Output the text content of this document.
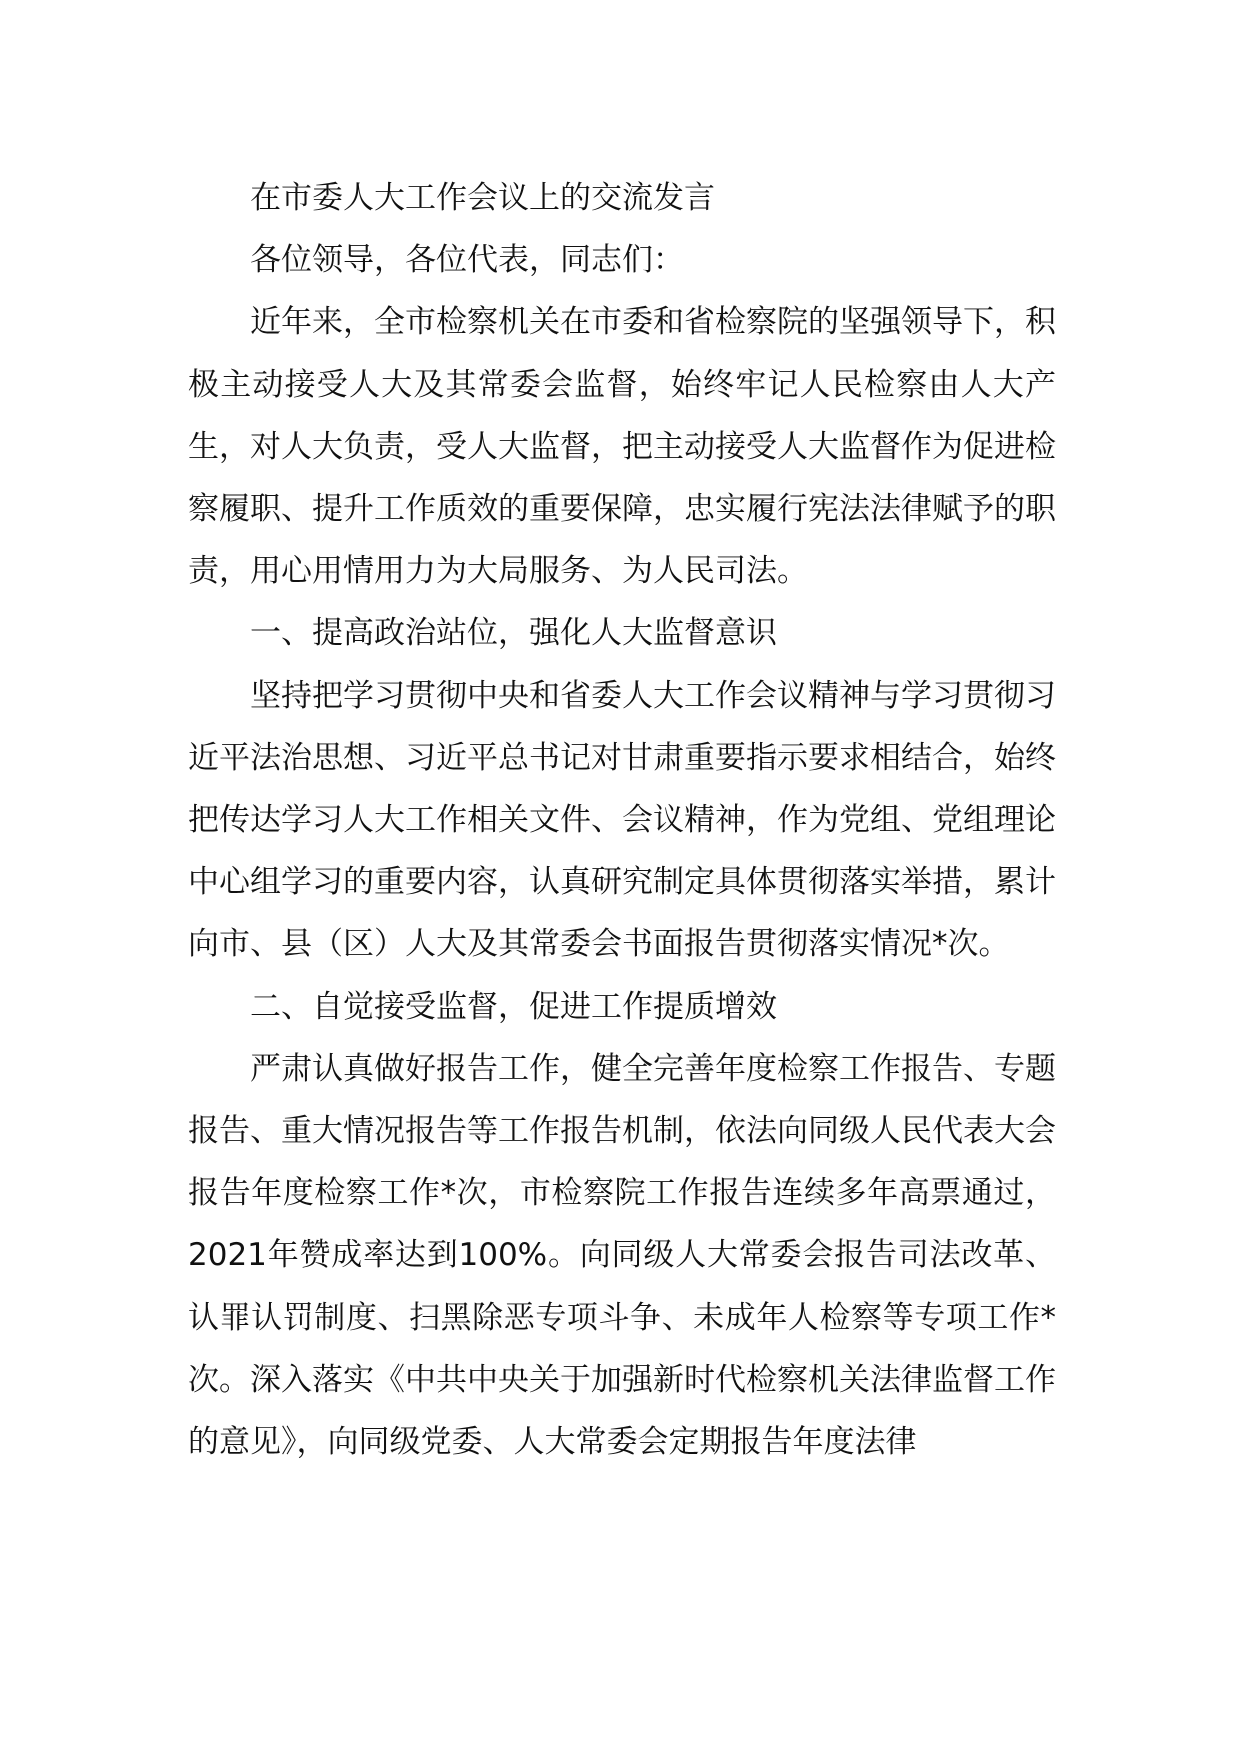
在市委人大工作会议上的交流发言

各位领导，各位代表，同志们：

近年来，全市检察机关在市委和省检察院的坚强领导下，积极主动接受人大及其常委会监督，始终牢记人民检察由人大产生，对人大负责，受人大监督，把主动接受人大监督作为促进检察履职、提升工作质效的重要保障，忠实履行宪法法律赋予的职责，用心用情用力为大局服务、为人民司法。

一、提高政治站位，强化人大监督意识

坚持把学习贯彻中央和省委人大工作会议精神与学习贯彻习近平法治思想、习近平总书记对甘肃重要指示要求相结合，始终把传达学习人大工作相关文件、会议精神，作为党组、党组理论中心组学习的重要内容，认真研究制定具体贯彻落实举措，累计向市、县（区）人大及其常委会书面报告贯彻落实情况*次。

二、自觉接受监督，促进工作提质增效

严肃认真做好报告工作，健全完善年度检察工作报告、专题报告、重大情况报告等工作报告机制，依法向同级人民代表大会报告年度检察工作*次，市检察院工作报告连续多年高票通过，2021年赞成率达到100%。向同级人大常委会报告司法改革、认罪认罚制度、扫黑除恶专项斗争、未成年人检察等专项工作*次。深入落实《中共中央关于加强新时代检察机关法律监督工作的意见》，向同级党委、人大常委会定期报告年度法律
